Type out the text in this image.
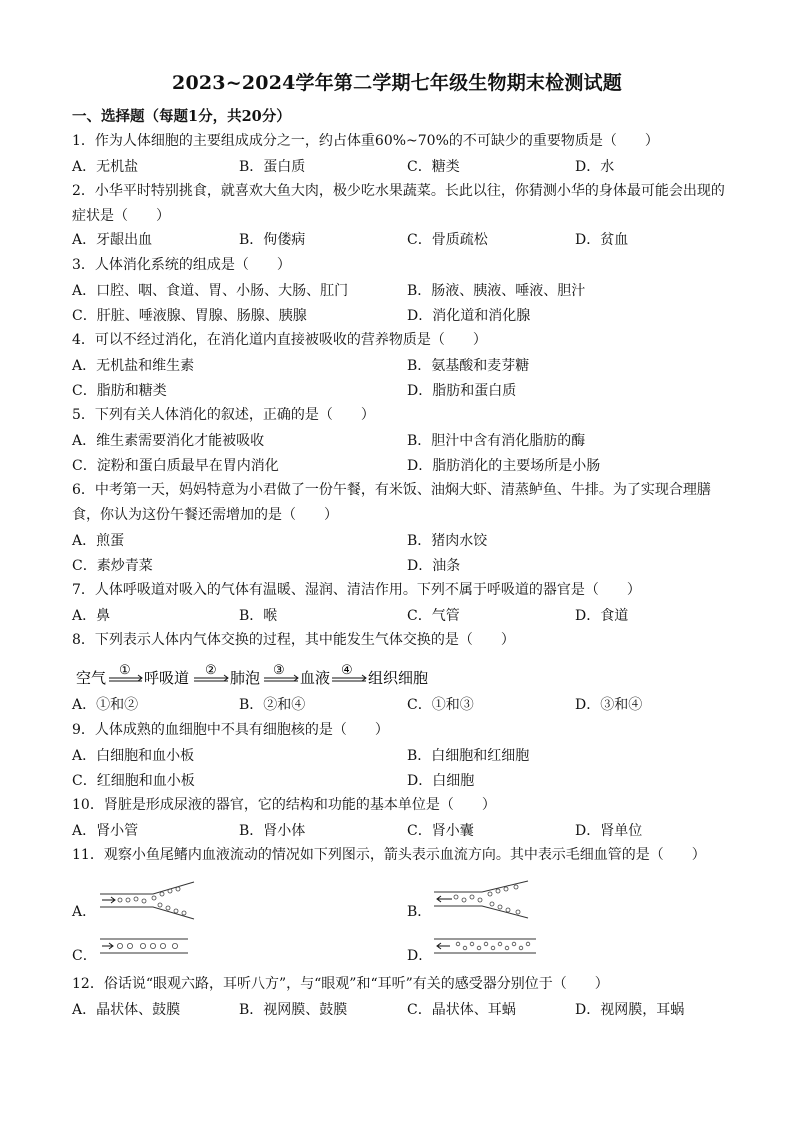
2023~2024学年第二学期七年级生物期末检测试题
一、选择题（每题1分，共20分）
1．作为人体细胞的主要组成成分之一，约占体重60%~70%的不可缺少的重要物质是（　　）
A．无机盐	B．蛋白质	C．糖类	D．水
2．小华平时特别挑食，就喜欢大鱼大肉，极少吃水果蔬菜。长此以往，你猜测小华的身体最可能会出现的症状是（　　）
A．牙龈出血	B．佝偻病	C．骨质疏松	D．贫血
3．人体消化系统的组成是（　　）
A．口腔、咽、食道、胃、小肠、大肠、肛门	B．肠液、胰液、唾液、胆汁
C．肝脏、唾液腺、胃腺、肠腺、胰腺	D．消化道和消化腺
4．可以不经过消化，在消化道内直接被吸收的营养物质是（　　）
A．无机盐和维生素	B．氨基酸和麦芽糖
C．脂肪和糖类	D．脂肪和蛋白质
5．下列有关人体消化的叙述，正确的是（　　）
A．维生素需要消化才能被吸收	B．胆汁中含有消化脂肪的酶
C．淀粉和蛋白质最早在胃内消化	D．脂肪消化的主要场所是小肠
6．中考第一天，妈妈特意为小君做了一份午餐，有米饭、油焖大虾、清蒸鲈鱼、牛排。为了实现合理膳食，你认为这份午餐还需增加的是（　　）
A．煎蛋	B．猪肉水饺
C．素炒青菜	D．油条
7．人体呼吸道对吸入的气体有温暖、湿润、清洁作用。下列不属于呼吸道的器官是（　　）
A．鼻	B．喉	C．气管	D．食道
8．下列表示人体内气体交换的过程，其中能发生气体交换的是（　　）
空气 ① 呼吸道 ② 肺泡 ③ 血液 ④ 组织细胞
A．①和②	B．②和④	C．①和③	D．③和④
9．人体成熟的血细胞中不具有细胞核的是（　　）
A．白细胞和血小板	B．白细胞和红细胞
C．红细胞和血小板	D．白细胞
10．肾脏是形成尿液的器官，它的结构和功能的基本单位是（　　）
A．肾小管	B．肾小体	C．肾小囊	D．肾单位
11．观察小鱼尾鳍内血液流动的情况如下列图示，箭头表示血流方向。其中表示毛细血管的是（　　）
A．	B．
C．	D．
12．俗话说“眼观六路，耳听八方”，与“眼观”和“耳听”有关的感受器分别位于（　　）
A．晶状体、鼓膜	B．视网膜、鼓膜	C．晶状体、耳蜗	D．视网膜，耳蜗
